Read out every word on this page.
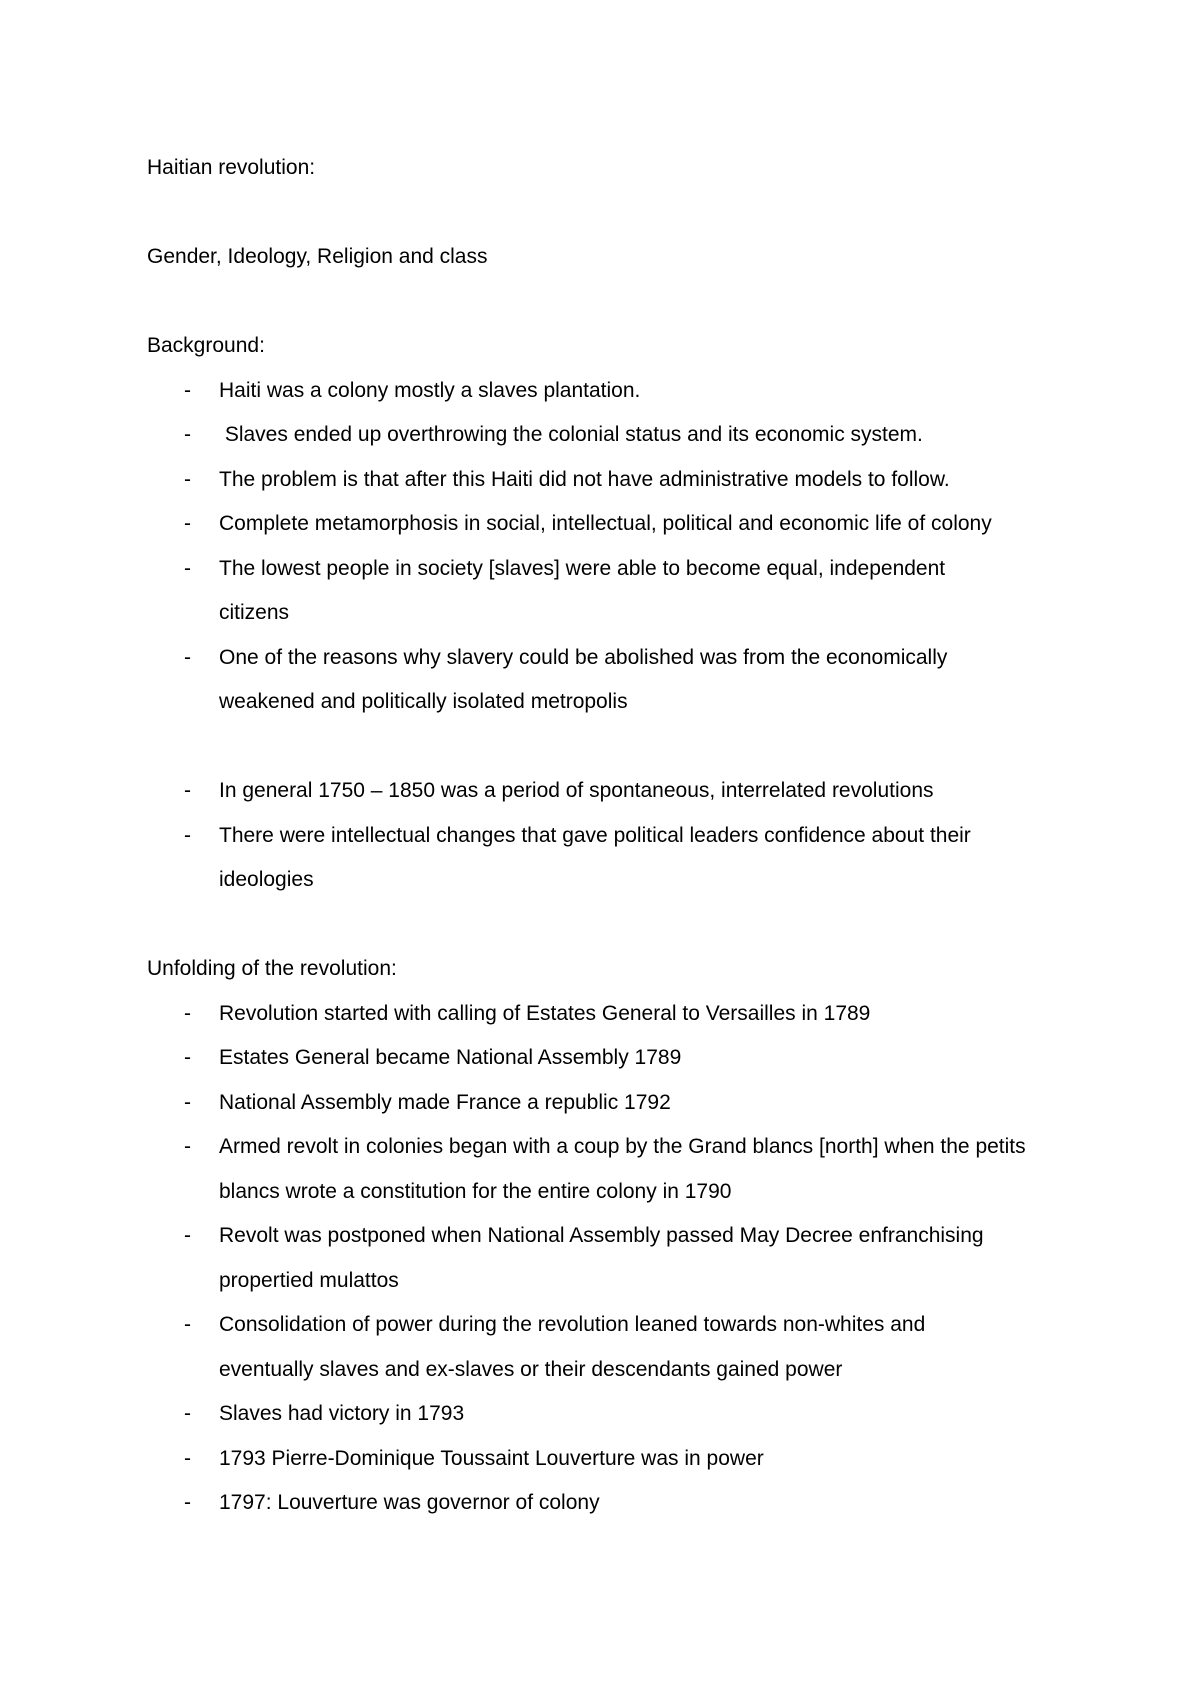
Haitian revolution:

Gender, Ideology, Religion and class

Background:

- Haiti was a colony mostly a slaves plantation.
- Slaves ended up overthrowing the colonial status and its economic system.
- The problem is that after this Haiti did not have administrative models to follow.
- Complete metamorphosis in social, intellectual, political and economic life of colony
- The lowest people in society [slaves] were able to become equal, independent citizens
- One of the reasons why slavery could be abolished was from the economically weakened and politically isolated metropolis
- In general 1750 – 1850 was a period of spontaneous, interrelated revolutions
- There were intellectual changes that gave political leaders confidence about their ideologies

Unfolding of the revolution:

- Revolution started with calling of Estates General to Versailles in 1789
- Estates General became National Assembly 1789
- National Assembly made France a republic 1792
- Armed revolt in colonies began with a coup by the Grand blancs [north] when the petits blancs wrote a constitution for the entire colony in 1790
- Revolt was postponed when National Assembly passed May Decree enfranchising propertied mulattos
- Consolidation of power during the revolution leaned towards non-whites and eventually slaves and ex-slaves or their descendants gained power
- Slaves had victory in 1793
- 1793 Pierre-Dominique Toussaint Louverture was in power
- 1797: Louverture was governor of colony
